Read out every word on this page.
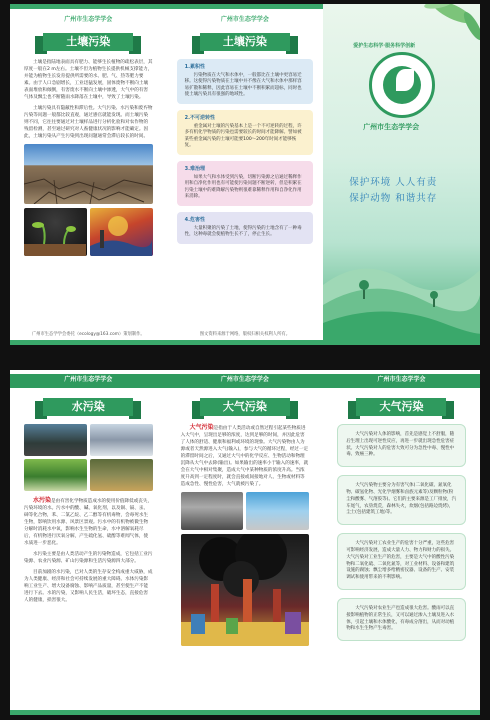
广州市生态学学会
土壤污染

土壤是指陆地表面具有肥力、能够生长植物的疏松表层，其厚度一般在2 m左右。土壤不但为植物生长提供机械支撑能力，并能为植物生长发育提供所需要的水、肥、气、热等肥力要素。由于人口急剧增长，工业迅猛发展，固体废物不断向土壤表面堆放和倾倒，有害废水不断向土壤中渗透，大气中的有害气体及飘尘也不断随雨水降落在土壤中，导致了土壤污染。

土壤污染具有隐蔽性和滞后性。大气污染、水污染和废弃物污染等问题一般都比较直观，通过感官就能发现。而土壤污染则不同，它往往要通过对土壤样品进行分析化验和对农作物的残留检测，甚至通过研究对人畜健康状况的影响才能确定。因此，土壤污染从产生污染到出现问题通常会滞后较长的时间。

广州市生态学学会委托（ecology@163.com）策划制作。
广州市生态学学会
土壤污染
1.累积性
污染物质在大气和水体中，一般都比在土壤中更容易迁移。这使得污染物质在土壤中并不像在大气和水体中那样容易扩散和稀释，因此容易在土壤中不断积累而超标，同时也使土壤污染具有很强的地域性。
2.不可逆转性
重金属对土壤的污染基本上是一个不可逆转的过程，许多有机化学物质的污染也需要较长的时间才能降解。譬如被某些重金属污染的土壤可能要100～200年时间才能够恢复。
3.难治理
如果大气和水体受到污染，切断污染源之后通过稀释作用和自净化作用也有可能使污染问题不断逆转，但是积累在污染土壤中的难降解污染物则很难靠稀释作用和自净化作用来消除。
4.危害性
大量积聚的污染了土地，使得污染的土地含有了一种毒性，这种毒就会使植物生长不了，停止生长。
图文资料来源于网络，版权归相关权利人所有。
爱护生态科学·服务科学创新
广州市生态学学会
保护环境 人人有责
保护动物 和谐共存
广州市生态学学会
水污染

水污染是由有害化学物质造成水的使用价值降低或丧失，污染环境的水。污水中的酸、碱、氧化剂，以及铜、镉、汞、砷等化合物，苯、二氯乙烷、乙二醇等有机毒物，会毒死水生生物，影响饮用水源、风景区景观。污水中的有机物被微生物分解时消耗水中氧，影响水生生物的生命，水中溶解氧耗尽后，有机物进行厌氧分解，产生硫化氢、硫醇等难闻气体，使水质进一步恶化。

水污染主要是由人类活动产生的污染物造成，它包括工业污染源、农业污染源、矿山污染源和生活污染源四大部分。

目前加剧的水污染，已对人类的生存安全构成重大威胁，成为人类健康、经济和社会可持续发展的重大障碍。水体污染影响工业生产、增大设备腐蚀、影响产品质量，甚至使生产不能进行下去。水的污染，又影响人民生活，破坏生态，直接危害人的健康，损害很大。

广州市生态学学会
大气污染

大气污染是指由于人类活动或自然过程引起某些物质进入大气中，呈现出足够的浓度，达到足够的时间，并因此危害了人体的舒适、健康和福利或环境的现象。大气污染物由人为源或者天然源进入大气(输入)，参与大气的循环过程，经过一定的滞留时间之后，又通过大气中的化学反应、生物活动和物理沉降从大气中去除(输出)。如果输出的速率小于输入的速率，就会在大气中相对集聚，造成大气中某种物质的浓度升高。当浓度升高到一定程度时，就会直接或间接地对人、生物或材料等造成急性、慢性危害，大气就被污染了。

广州市生态学学会
大气污染
大气污染对人体的影响，首先是感觉上不舒服，随后生理上出现可逆性反应，再进一步就出现急性危害症状。大气污染对人的危害大致可分为急性中毒、慢性中毒、致癌三种。
大气污染物主要分为有害气体(二氧化碳、氮氧化物、碳氢化物、光化学烟雾和卤族元素等)及颗粒物(粉尘和酸雾、气溶胶等)。它们的主要来源是工厂排放，汽车尾气，农垦烧荒，森林失火，炊烟(包括路边烧烤)，尘土(包括建筑工地)等。
大气污染对工农业生产的危害十分严重，这些危害可影响经济发展，造成大量人力、物力和财力的损失。大气污染对工业生产的危害，主要是大气中的酸性污染物和二氧化硫、二氧化氮等，对工业材料、设备和建筑设施的腐蚀；飘尘增多给精密仪器、设备的生产、安装调试和使用带来的不利影响。
大气污染对农业生产也造成很大危害。酸雨可以直接影响植物的正常生长，又可以通过渗入土壤及进入水体，引起土壤和水体酸化，有毒成分溶出，从而对动植物和水生生物产生毒害。
